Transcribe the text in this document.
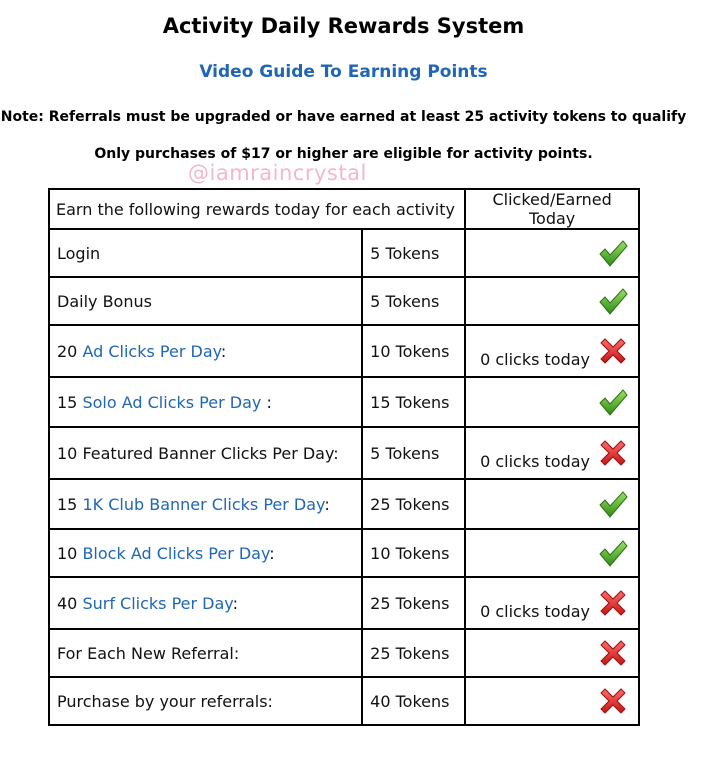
Activity Daily Rewards System
Video Guide To Earning Points
Note: Referrals must be upgraded or have earned at least 25 activity tokens to qualify
Only purchases of $17 or higher are eligible for activity points.
@iamraincrystal
Earn the following rewards today for each activity		Clicked/Earned Today
Login	5 Tokens	

Daily Bonus	5 Tokens	

20 Ad Clicks Per Day:	10 Tokens	0 clicks today

15 Solo Ad Clicks Per Day :	15 Tokens	

10 Featured Banner Clicks Per Day:	5 Tokens	0 clicks today

15 1K Club Banner Clicks Per Day:	25 Tokens	

10 Block Ad Clicks Per Day:	10 Tokens	

40 Surf Clicks Per Day:	25 Tokens	0 clicks today

For Each New Referral:	25 Tokens	

Purchase by your referrals:	40 Tokens	
